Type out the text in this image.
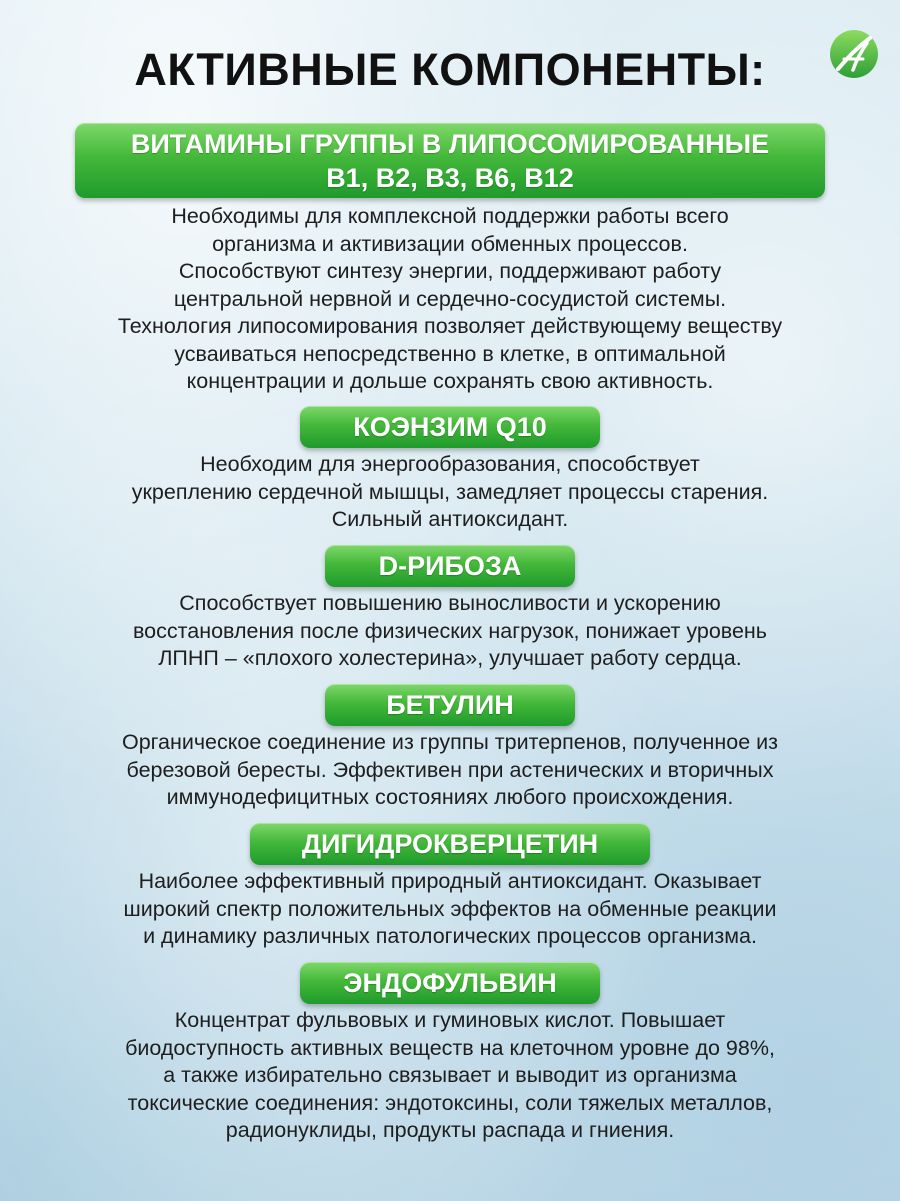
АКТИВНЫЕ КОМПОНЕНТЫ:
ВИТАМИНЫ ГРУППЫ В ЛИПОСОМИРОВАННЫЕ
В1, В2, В3, В6, В12
Необходимы для комплексной поддержки работы всего
организма и активизации обменных процессов.
Способствуют синтезу энергии, поддерживают работу
центральной нервной и сердечно-сосудистой системы.
Технология липосомирования позволяет действующему веществу
усваиваться непосредственно в клетке, в оптимальной
концентрации и дольше сохранять свою активность.
КОЭНЗИМ Q10
Необходим для энергообразования, способствует
укреплению сердечной мышцы, замедляет процессы старения.
Сильный антиоксидант.
D-РИБОЗА
Способствует повышению выносливости и ускорению
восстановления после физических нагрузок, понижает уровень
ЛПНП – «плохого холестерина», улучшает работу сердца.
БЕТУЛИН
Органическое соединение из группы тритерпенов, полученное из
березовой бересты. Эффективен при астенических и вторичных
иммунодефицитных состояниях любого происхождения.
ДИГИДРОКВЕРЦЕТИН
Наиболее эффективный природный антиоксидант. Оказывает
широкий спектр положительных эффектов на обменные реакции
и динамику различных патологических процессов организма.
ЭНДОФУЛЬВИН
Концентрат фульвовых и гуминовых кислот. Повышает
биодоступность активных веществ на клеточном уровне до 98%,
а также избирательно связывает и выводит из организма
токсические соединения: эндотоксины, соли тяжелых металлов,
радионуклиды, продукты распада и гниения.
